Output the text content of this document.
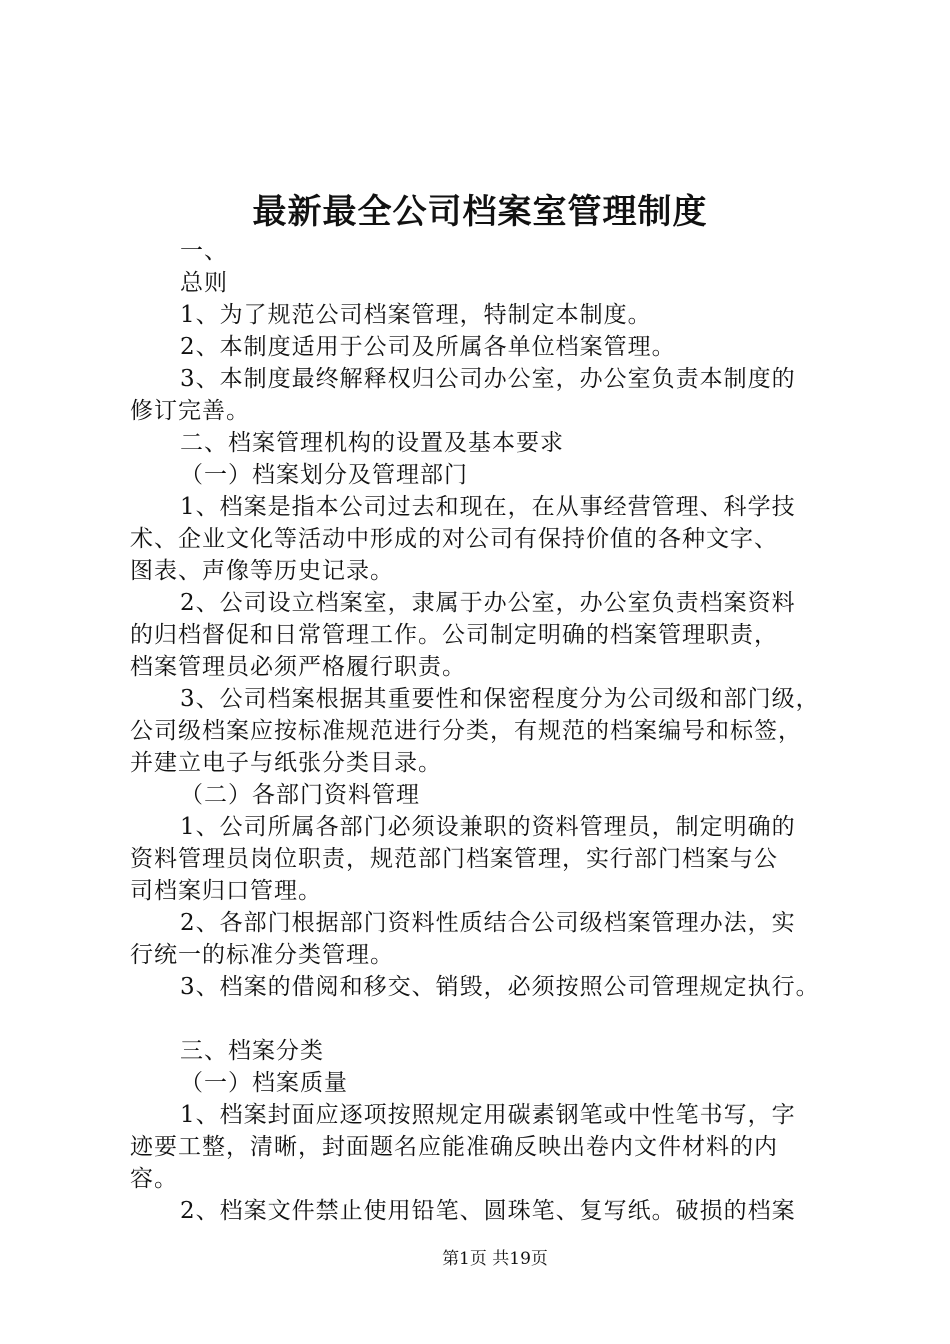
最新最全公司档案室管理制度
一、
总则
1、为了规范公司档案管理，特制定本制度。
2、本制度适用于公司及所属各单位档案管理。
3、本制度最终解释权归公司办公室，办公室负责本制度的
修订完善。
二、档案管理机构的设置及基本要求
（一）档案划分及管理部门
1、档案是指本公司过去和现在，在从事经营管理、科学技
术、企业文化等活动中形成的对公司有保持价值的各种文字、
图表、声像等历史记录。
2、公司设立档案室，隶属于办公室，办公室负责档案资料
的归档督促和日常管理工作。公司制定明确的档案管理职责，
档案管理员必须严格履行职责。
3、公司档案根据其重要性和保密程度分为公司级和部门级，
公司级档案应按标准规范进行分类，有规范的档案编号和标签，
并建立电子与纸张分类目录。
（二）各部门资料管理
1、公司所属各部门必须设兼职的资料管理员，制定明确的
资料管理员岗位职责，规范部门档案管理，实行部门档案与公
司档案归口管理。
2、各部门根据部门资料性质结合公司级档案管理办法，实
行统一的标准分类管理。
3、档案的借阅和移交、销毁，必须按照公司管理规定执行。
三、档案分类
（一）档案质量
1、档案封面应逐项按照规定用碳素钢笔或中性笔书写，字
迹要工整，清晰，封面题名应能准确反映出卷内文件材料的内
容。
2、档案文件禁止使用铅笔、圆珠笔、复写纸。破损的档案
第1页 共19页
